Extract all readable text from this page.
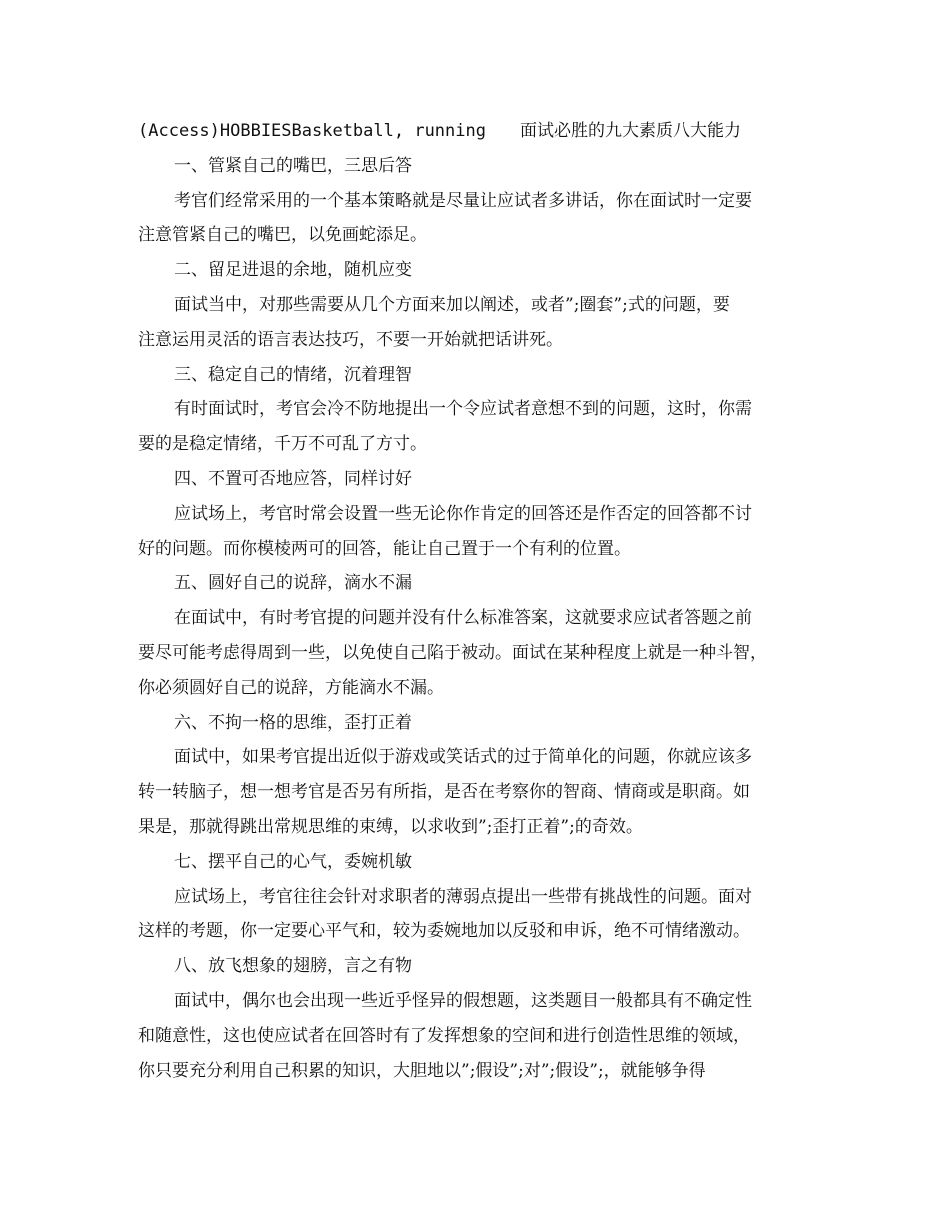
(Access)HOBBIESBasketball, running 面试必胜的九大素质八大能力

一、管紧自己的嘴巴，三思后答

考官们经常采用的一个基本策略就是尽量让应试者多讲话，你在面试时一定要

注意管紧自己的嘴巴，以免画蛇添足。

二、留足进退的余地，随机应变

面试当中，对那些需要从几个方面来加以阐述，或者”;圈套”;式的问题，要

注意运用灵活的语言表达技巧，不要一开始就把话讲死。

三、稳定自己的情绪，沉着理智

有时面试时，考官会冷不防地提出一个令应试者意想不到的问题，这时，你需

要的是稳定情绪，千万不可乱了方寸。

四、不置可否地应答，同样讨好

应试场上，考官时常会设置一些无论你作肯定的回答还是作否定的回答都不讨

好的问题。而你模棱两可的回答，能让自己置于一个有利的位置。

五、圆好自己的说辞，滴水不漏

在面试中，有时考官提的问题并没有什么标准答案，这就要求应试者答题之前

要尽可能考虑得周到一些，以免使自己陷于被动。面试在某种程度上就是一种斗智，

你必须圆好自己的说辞，方能滴水不漏。

六、不拘一格的思维，歪打正着

面试中，如果考官提出近似于游戏或笑话式的过于简单化的问题，你就应该多

转一转脑子，想一想考官是否另有所指，是否在考察你的智商、情商或是职商。如

果是，那就得跳出常规思维的束缚，以求收到”;歪打正着”;的奇效。

七、摆平自己的心气，委婉机敏

应试场上，考官往往会针对求职者的薄弱点提出一些带有挑战性的问题。面对

这样的考题，你一定要心平气和，较为委婉地加以反驳和申诉，绝不可情绪激动。

八、放飞想象的翅膀，言之有物

面试中，偶尔也会出现一些近乎怪异的假想题，这类题目一般都具有不确定性

和随意性，这也使应试者在回答时有了发挥想象的空间和进行创造性思维的领域，

你只要充分利用自己积累的知识，大胆地以”;假设”;对”;假设”;，就能够争得
